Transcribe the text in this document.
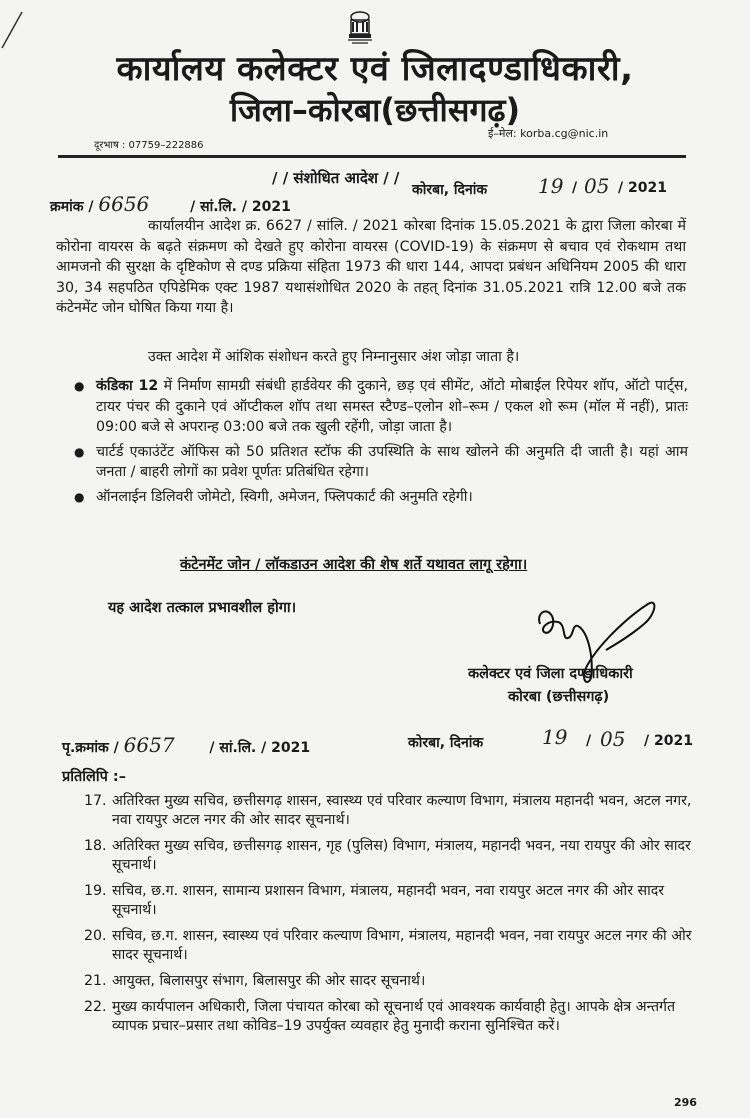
कार्यालय कलेक्टर एवं जिलादण्डाधिकारी,
जिला–कोरबा(छत्तीसगढ़)
दूरभाष : 07759–222886
ई–मेल: korba.cg@nic.in
/ / संशोधित आदेश / /
क्रमांक / 6656	/ सां.लि. / 2021
कोरबा, दिनांक	19 / 05 / 2021

कार्यालयीन आदेश क्र. 6627 / सांलि. / 2021 कोरबा दिनांक 15.05.2021 के द्वारा जिला कोरबा में कोरोना वायरस के बढ़ते संक्रमण को देखते हुए कोरोना वायरस (COVID-19) के संक्रमण से बचाव एवं रोकथाम तथा आमजनो की सुरक्षा के दृष्टिकोण से दण्ड प्रक्रिया संहिता 1973 की धारा 144, आपदा प्रबंधन अधिनियम 2005 की धारा 30, 34 सहपठित एपिडेमिक एक्ट 1987 यथासंशोधित 2020 के तहत् दिनांक 31.05.2021 रात्रि 12.00 बजे तक कंटेनमेंट जोन घोषित किया गया है।

उक्त आदेश में आंशिक संशोधन करते हुए निम्नानुसार अंश जोड़ा जाता है।

● कंडिका 12 में निर्माण सामग्री संबंधी हार्डवेयर की दुकाने, छड़ एवं सीमेंट, ऑटो मोबाईल रिपेयर शॉप, ऑटो पार्ट्स, टायर पंचर की दुकाने एवं ऑप्टीकल शॉप तथा समस्त स्टैण्ड–एलोन शो–रूम / एकल शो रूम (मॉल में नहीं), प्रातः 09:00 बजे से अपरान्ह 03:00 बजे तक खुली रहेंगी, जोड़ा जाता है।
● चार्टर्ड एकाउंटेंट ऑफिस को 50 प्रतिशत स्टॉफ की उपस्थिति के साथ खोलने की अनुमति दी जाती है। यहां आम जनता / बाहरी लोगों का प्रवेश पूर्णतः प्रतिबंधित रहेगा।
● ऑनलाईन डिलिवरी जोमेटो, स्विगी, अमेजन, फ्लिपकार्ट की अनुमति रहेगी।
कंटेनमेंट जोन / लॉकडाउन आदेश की शेष शर्ते यथावत लागू रहेगा।
यह आदेश तत्काल प्रभावशील होगा।
कलेक्टर एवं जिला दण्डाधिकारी
कोरबा (छत्तीसगढ़)
पृ.क्रमांक / 6657 / सां.लि. / 2021	कोरबा, दिनांक	19 / 05 / 2021
प्रतिलिपि :–
17. अतिरिक्त मुख्य सचिव, छत्तीसगढ़ शासन, स्वास्थ्य एवं परिवार कल्याण विभाग, मंत्रालय महानदी भवन, अटल नगर, नवा रायपुर अटल नगर की ओर सादर सूचनार्थ।
18. अतिरिक्त मुख्य सचिव, छत्तीसगढ़ शासन, गृह (पुलिस) विभाग, मंत्रालय, महानदी भवन, नया रायपुर की ओर सादर सूचनार्थ।
19. सचिव, छ.ग. शासन, सामान्य प्रशासन विभाग, मंत्रालय, महानदी भवन, नवा रायपुर अटल नगर की ओर सादर सूचनार्थ।
20. सचिव, छ.ग. शासन, स्वास्थ्य एवं परिवार कल्याण विभाग, मंत्रालय, महानदी भवन, नवा रायपुर अटल नगर की ओर सादर सूचनार्थ।
21. आयुक्त, बिलासपुर संभाग, बिलासपुर की ओर सादर सूचनार्थ।
22. मुख्य कार्यपालन अधिकारी, जिला पंचायत कोरबा को सूचनार्थ एवं आवश्यक कार्यवाही हेतु। आपके क्षेत्र अन्तर्गत व्यापक प्रचार–प्रसार तथा कोविड–19 उपर्युक्त व्यवहार हेतु मुनादी कराना सुनिश्चित करें।
296
